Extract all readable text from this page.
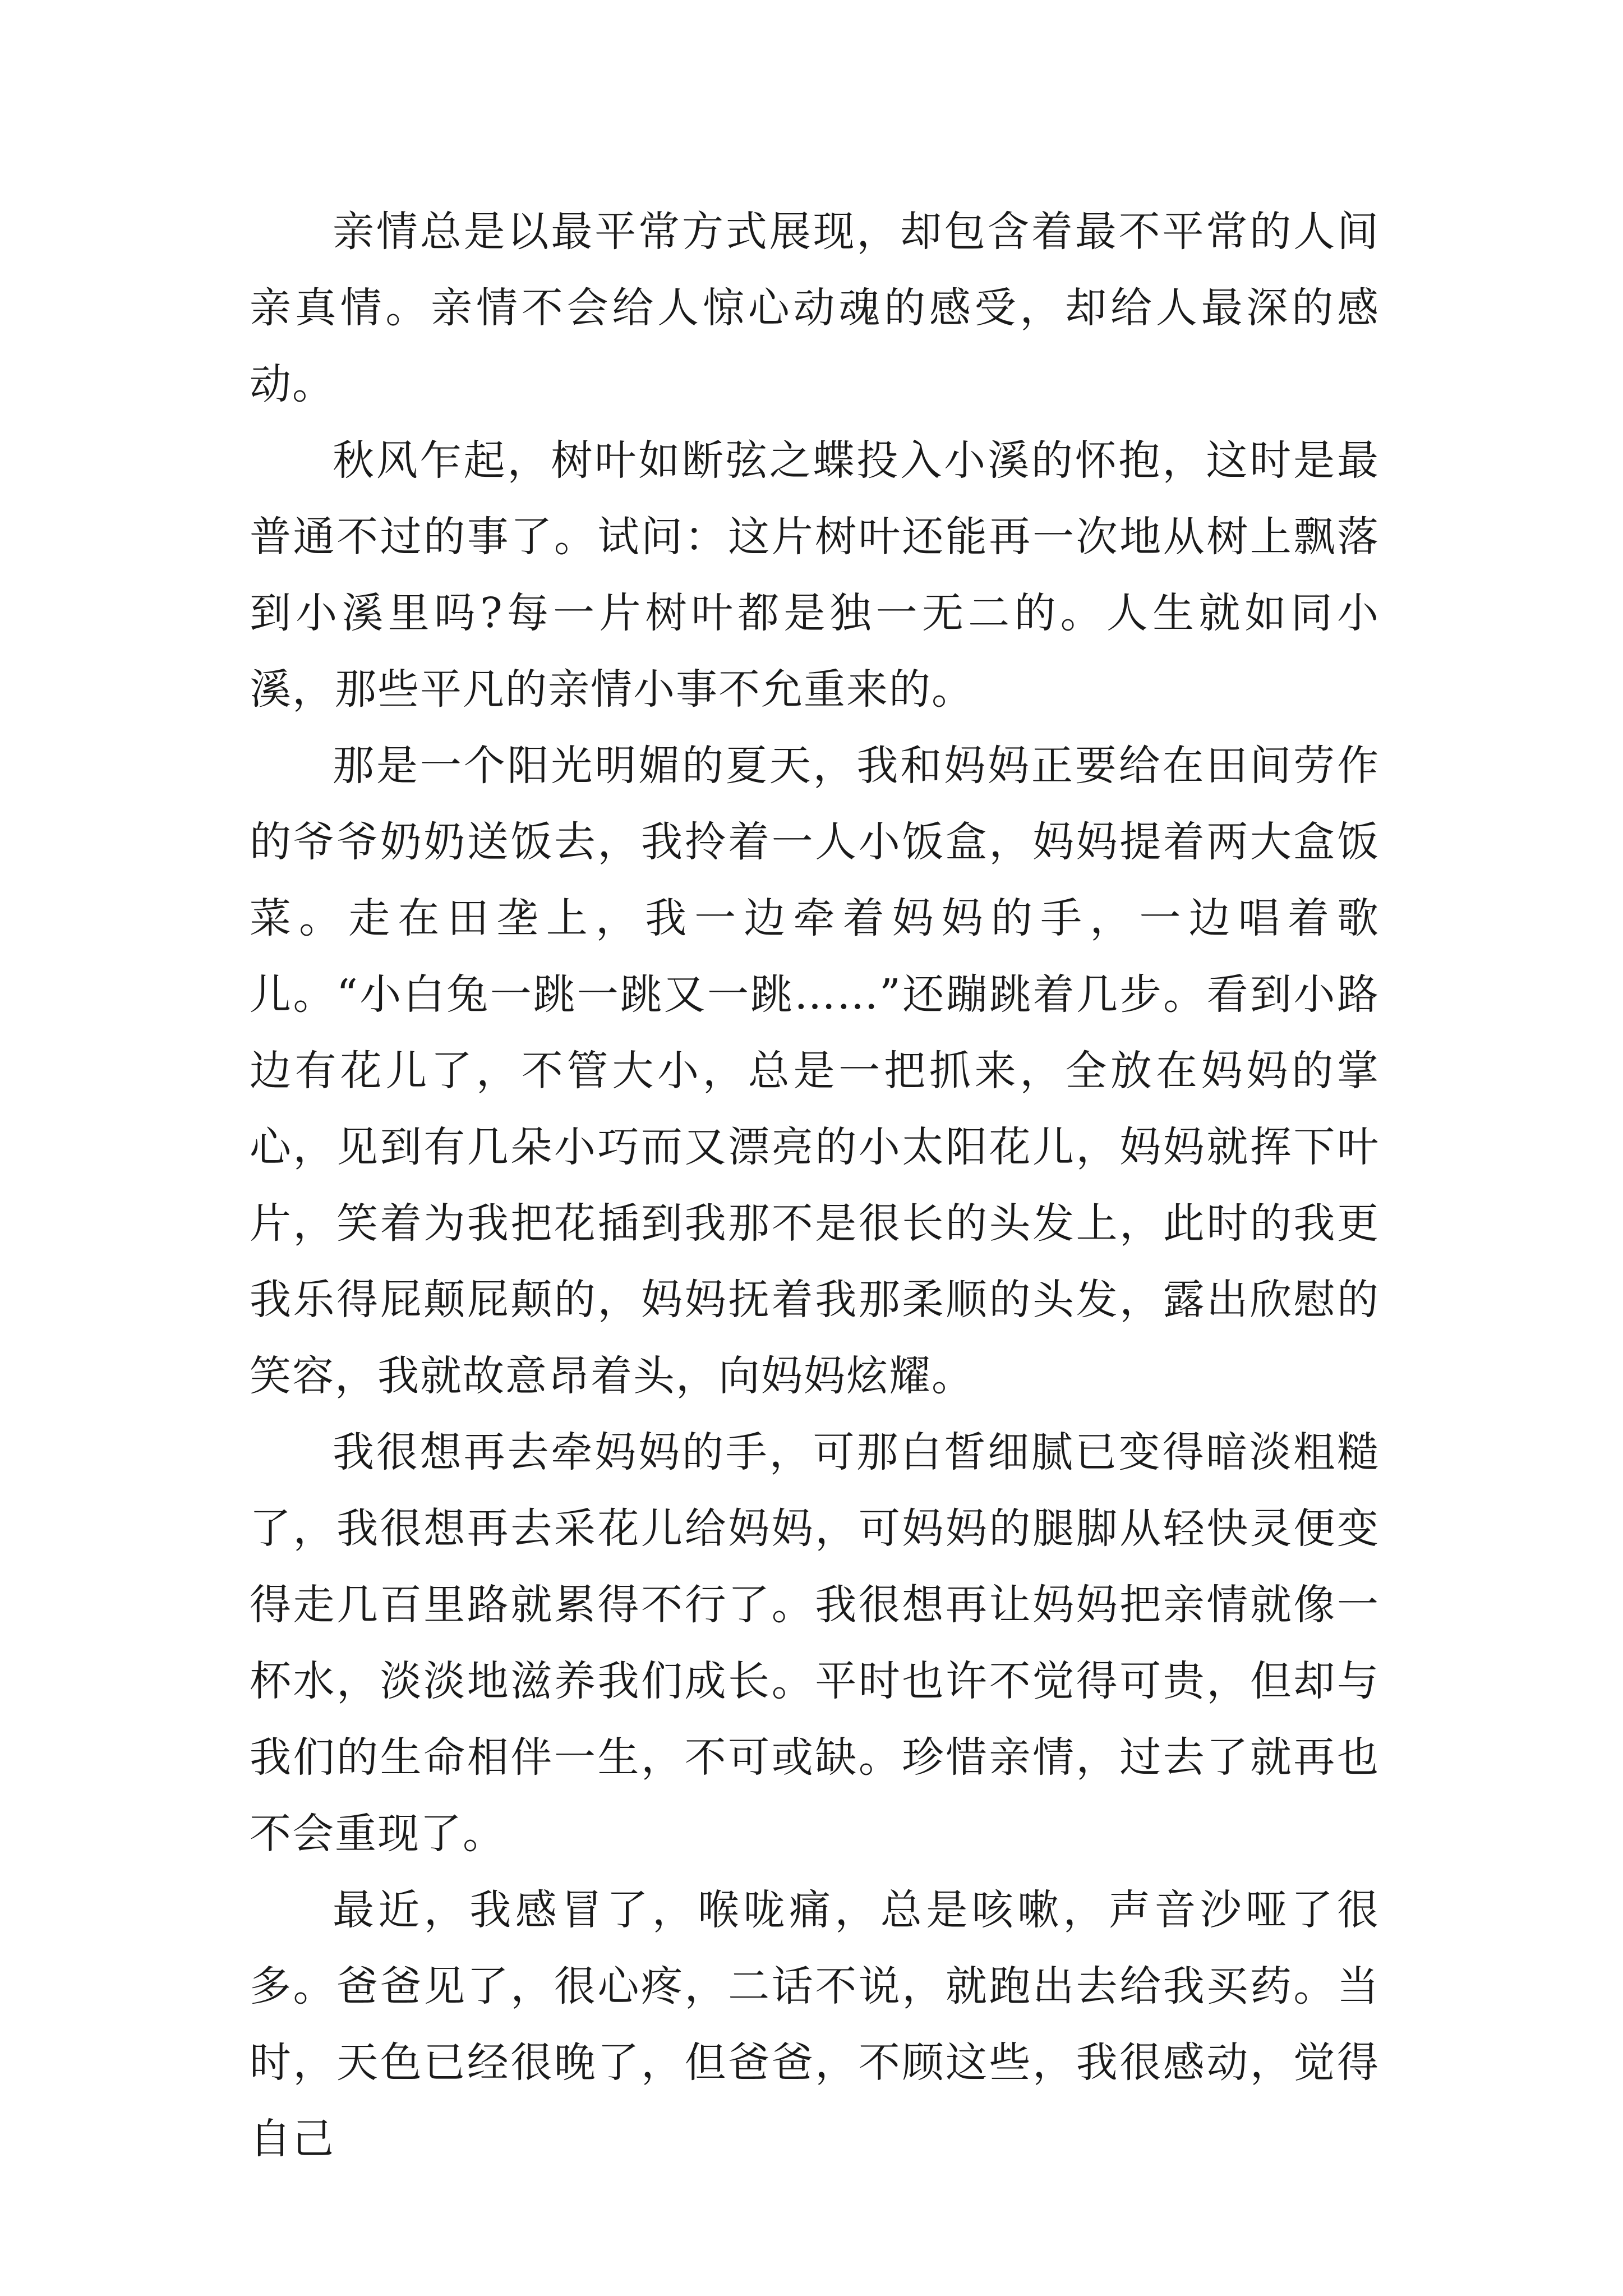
亲情总是以最平常方式展现，却包含着最不平常的人间亲真情。亲情不会给人惊心动魂的感受，却给人最深的感动。

秋风乍起，树叶如断弦之蝶投入小溪的怀抱，这时是最普通不过的事了。试问：这片树叶还能再一次地从树上飘落到小溪里吗?每一片树叶都是独一无二的。人生就如同小溪，那些平凡的亲情小事不允重来的。

那是一个阳光明媚的夏天，我和妈妈正要给在田间劳作的爷爷奶奶送饭去，我拎着一人小饭盒，妈妈提着两大盒饭菜。走在田垄上，我一边牵着妈妈的手，一边唱着歌儿。“小白兔一跳一跳又一跳……”还蹦跳着几步。看到小路边有花儿了，不管大小，总是一把抓来，全放在妈妈的掌心，见到有几朵小巧而又漂亮的小太阳花儿，妈妈就挥下叶片，笑着为我把花插到我那不是很长的头发上，此时的我更我乐得屁颠屁颠的，妈妈抚着我那柔顺的头发，露出欣慰的笑容，我就故意昂着头，向妈妈炫耀。

我很想再去牵妈妈的手，可那白皙细腻已变得暗淡粗糙了，我很想再去采花儿给妈妈，可妈妈的腿脚从轻快灵便变得走几百里路就累得不行了。我很想再让妈妈把亲情就像一杯水，淡淡地滋养我们成长。平时也许不觉得可贵，但却与我们的生命相伴一生，不可或缺。珍惜亲情，过去了就再也不会重现了。

最近，我感冒了，喉咙痛，总是咳嗽，声音沙哑了很多。爸爸见了，很心疼，二话不说，就跑出去给我买药。当时，天色已经很晚了，但爸爸，不顾这些，我很感动，觉得自己
